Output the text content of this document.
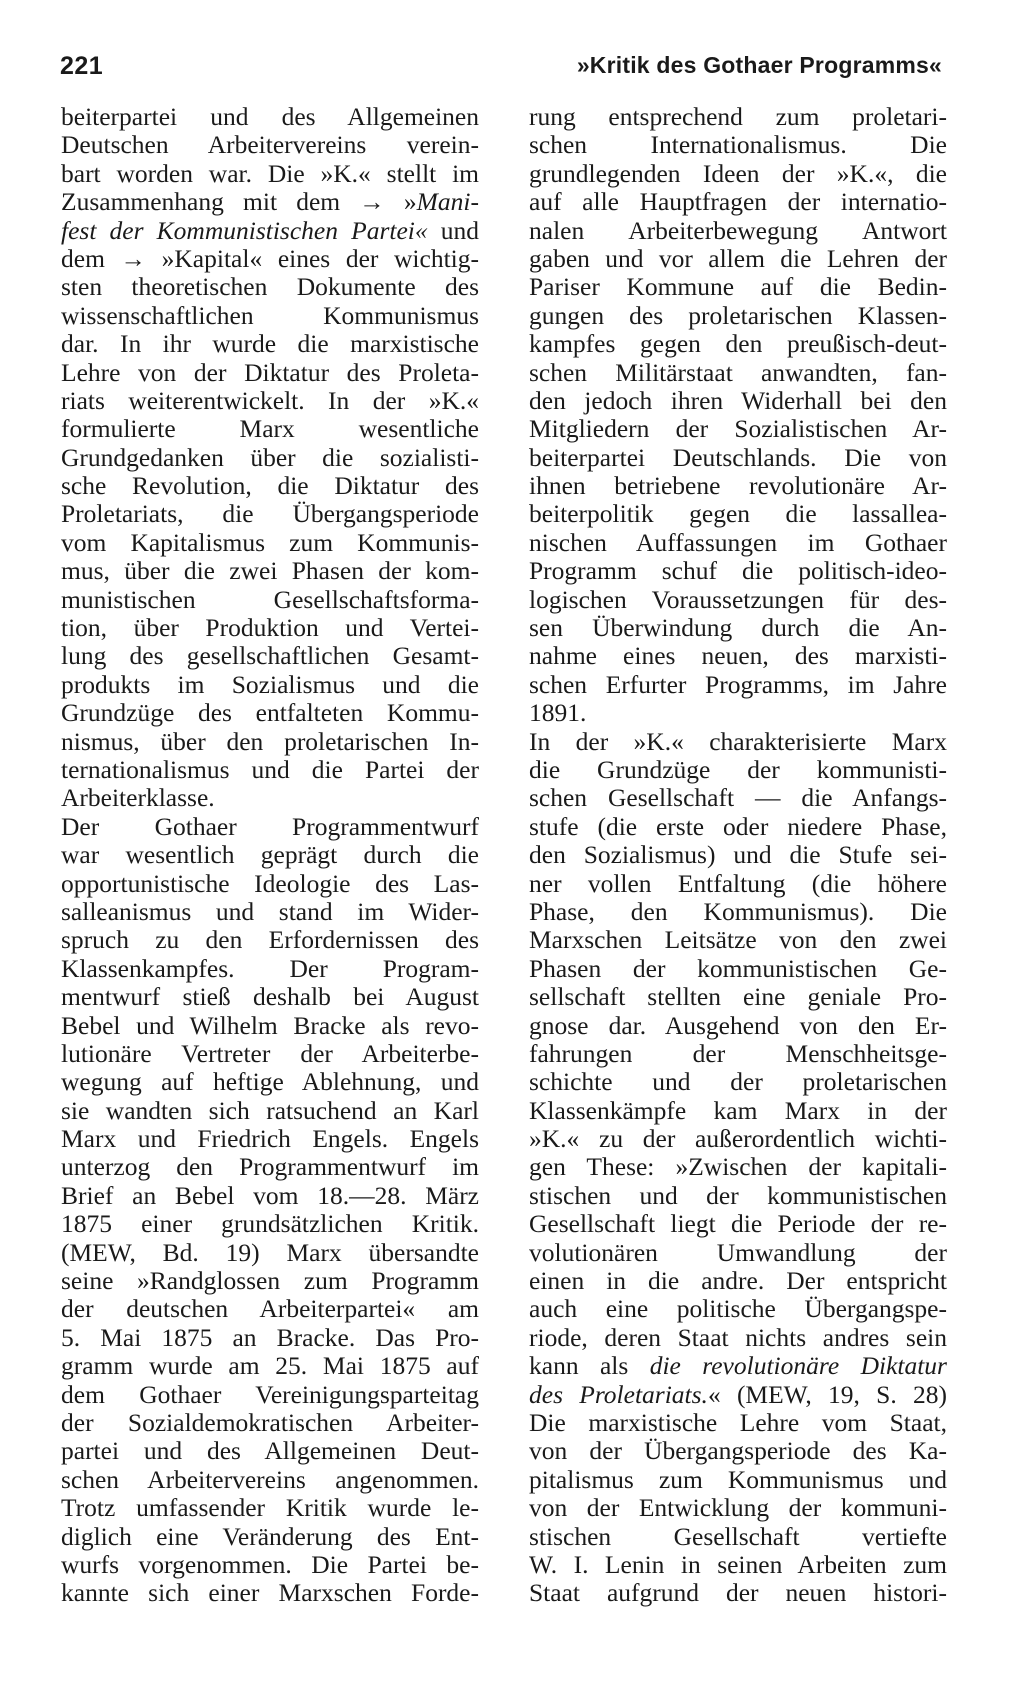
221	»Kritik des Gothaer Programms«
beiterpartei und des Allgemeinen
Deutschen Arbeitervereins verein-
bart worden war. Die »K.« stellt im
Zusammenhang mit dem → »Mani-
fest der Kommunistischen Partei« und
dem → »Kapital« eines der wichtig-
sten theoretischen Dokumente des
wissenschaftlichen Kommunismus
dar. In ihr wurde die marxistische
Lehre von der Diktatur des Proleta-
riats weiterentwickelt. In der »K.«
formulierte Marx wesentliche
Grundgedanken über die sozialisti-
sche Revolution, die Diktatur des
Proletariats, die Übergangsperiode
vom Kapitalismus zum Kommunis-
mus, über die zwei Phasen der kom-
munistischen Gesellschaftsforma-
tion, über Produktion und Vertei-
lung des gesellschaftlichen Gesamt-
produkts im Sozialismus und die
Grundzüge des entfalteten Kommu-
nismus, über den proletarischen In-
ternationalismus und die Partei der
Arbeiterklasse.
Der Gothaer Programmentwurf
war wesentlich geprägt durch die
opportunistische Ideologie des Las-
salleanismus und stand im Wider-
spruch zu den Erfordernissen des
Klassenkampfes. Der Program-
mentwurf stieß deshalb bei August
Bebel und Wilhelm Bracke als revo-
lutionäre Vertreter der Arbeiterbe-
wegung auf heftige Ablehnung, und
sie wandten sich ratsuchend an Karl
Marx und Friedrich Engels. Engels
unterzog den Programmentwurf im
Brief an Bebel vom 18.—28. März
1875 einer grundsätzlichen Kritik.
(MEW, Bd. 19) Marx übersandte
seine »Randglossen zum Programm
der deutschen Arbeiterpartei« am
5. Mai 1875 an Bracke. Das Pro-
gramm wurde am 25. Mai 1875 auf
dem Gothaer Vereinigungsparteitag
der Sozialdemokratischen Arbeiter-
partei und des Allgemeinen Deut-
schen Arbeitervereins angenommen.
Trotz umfassender Kritik wurde le-
diglich eine Veränderung des Ent-
wurfs vorgenommen. Die Partei be-
kannte sich einer Marxschen Forde-
rung entsprechend zum proletari-
schen Internationalismus. Die
grundlegenden Ideen der »K.«, die
auf alle Hauptfragen der internatio-
nalen Arbeiterbewegung Antwort
gaben und vor allem die Lehren der
Pariser Kommune auf die Bedin-
gungen des proletarischen Klassen-
kampfes gegen den preußisch-deut-
schen Militärstaat anwandten, fan-
den jedoch ihren Widerhall bei den
Mitgliedern der Sozialistischen Ar-
beiterpartei Deutschlands. Die von
ihnen betriebene revolutionäre Ar-
beiterpolitik gegen die lassallea-
nischen Auffassungen im Gothaer
Programm schuf die politisch-ideo-
logischen Voraussetzungen für des-
sen Überwindung durch die An-
nahme eines neuen, des marxisti-
schen Erfurter Programms, im Jahre
1891.
In der »K.« charakterisierte Marx
die Grundzüge der kommunisti-
schen Gesellschaft — die Anfangs-
stufe (die erste oder niedere Phase,
den Sozialismus) und die Stufe sei-
ner vollen Entfaltung (die höhere
Phase, den Kommunismus). Die
Marxschen Leitsätze von den zwei
Phasen der kommunistischen Ge-
sellschaft stellten eine geniale Pro-
gnose dar. Ausgehend von den Er-
fahrungen der Menschheitsge-
schichte und der proletarischen
Klassenkämpfe kam Marx in der
»K.« zu der außerordentlich wichti-
gen These: »Zwischen der kapitali-
stischen und der kommunistischen
Gesellschaft liegt die Periode der re-
volutionären Umwandlung der
einen in die andre. Der entspricht
auch eine politische Übergangspe-
riode, deren Staat nichts andres sein
kann als die revolutionäre Diktatur
des Proletariats.« (MEW, 19, S. 28)
Die marxistische Lehre vom Staat,
von der Übergangsperiode des Ka-
pitalismus zum Kommunismus und
von der Entwicklung der kommuni-
stischen Gesellschaft vertiefte
W. I. Lenin in seinen Arbeiten zum
Staat aufgrund der neuen histori-
